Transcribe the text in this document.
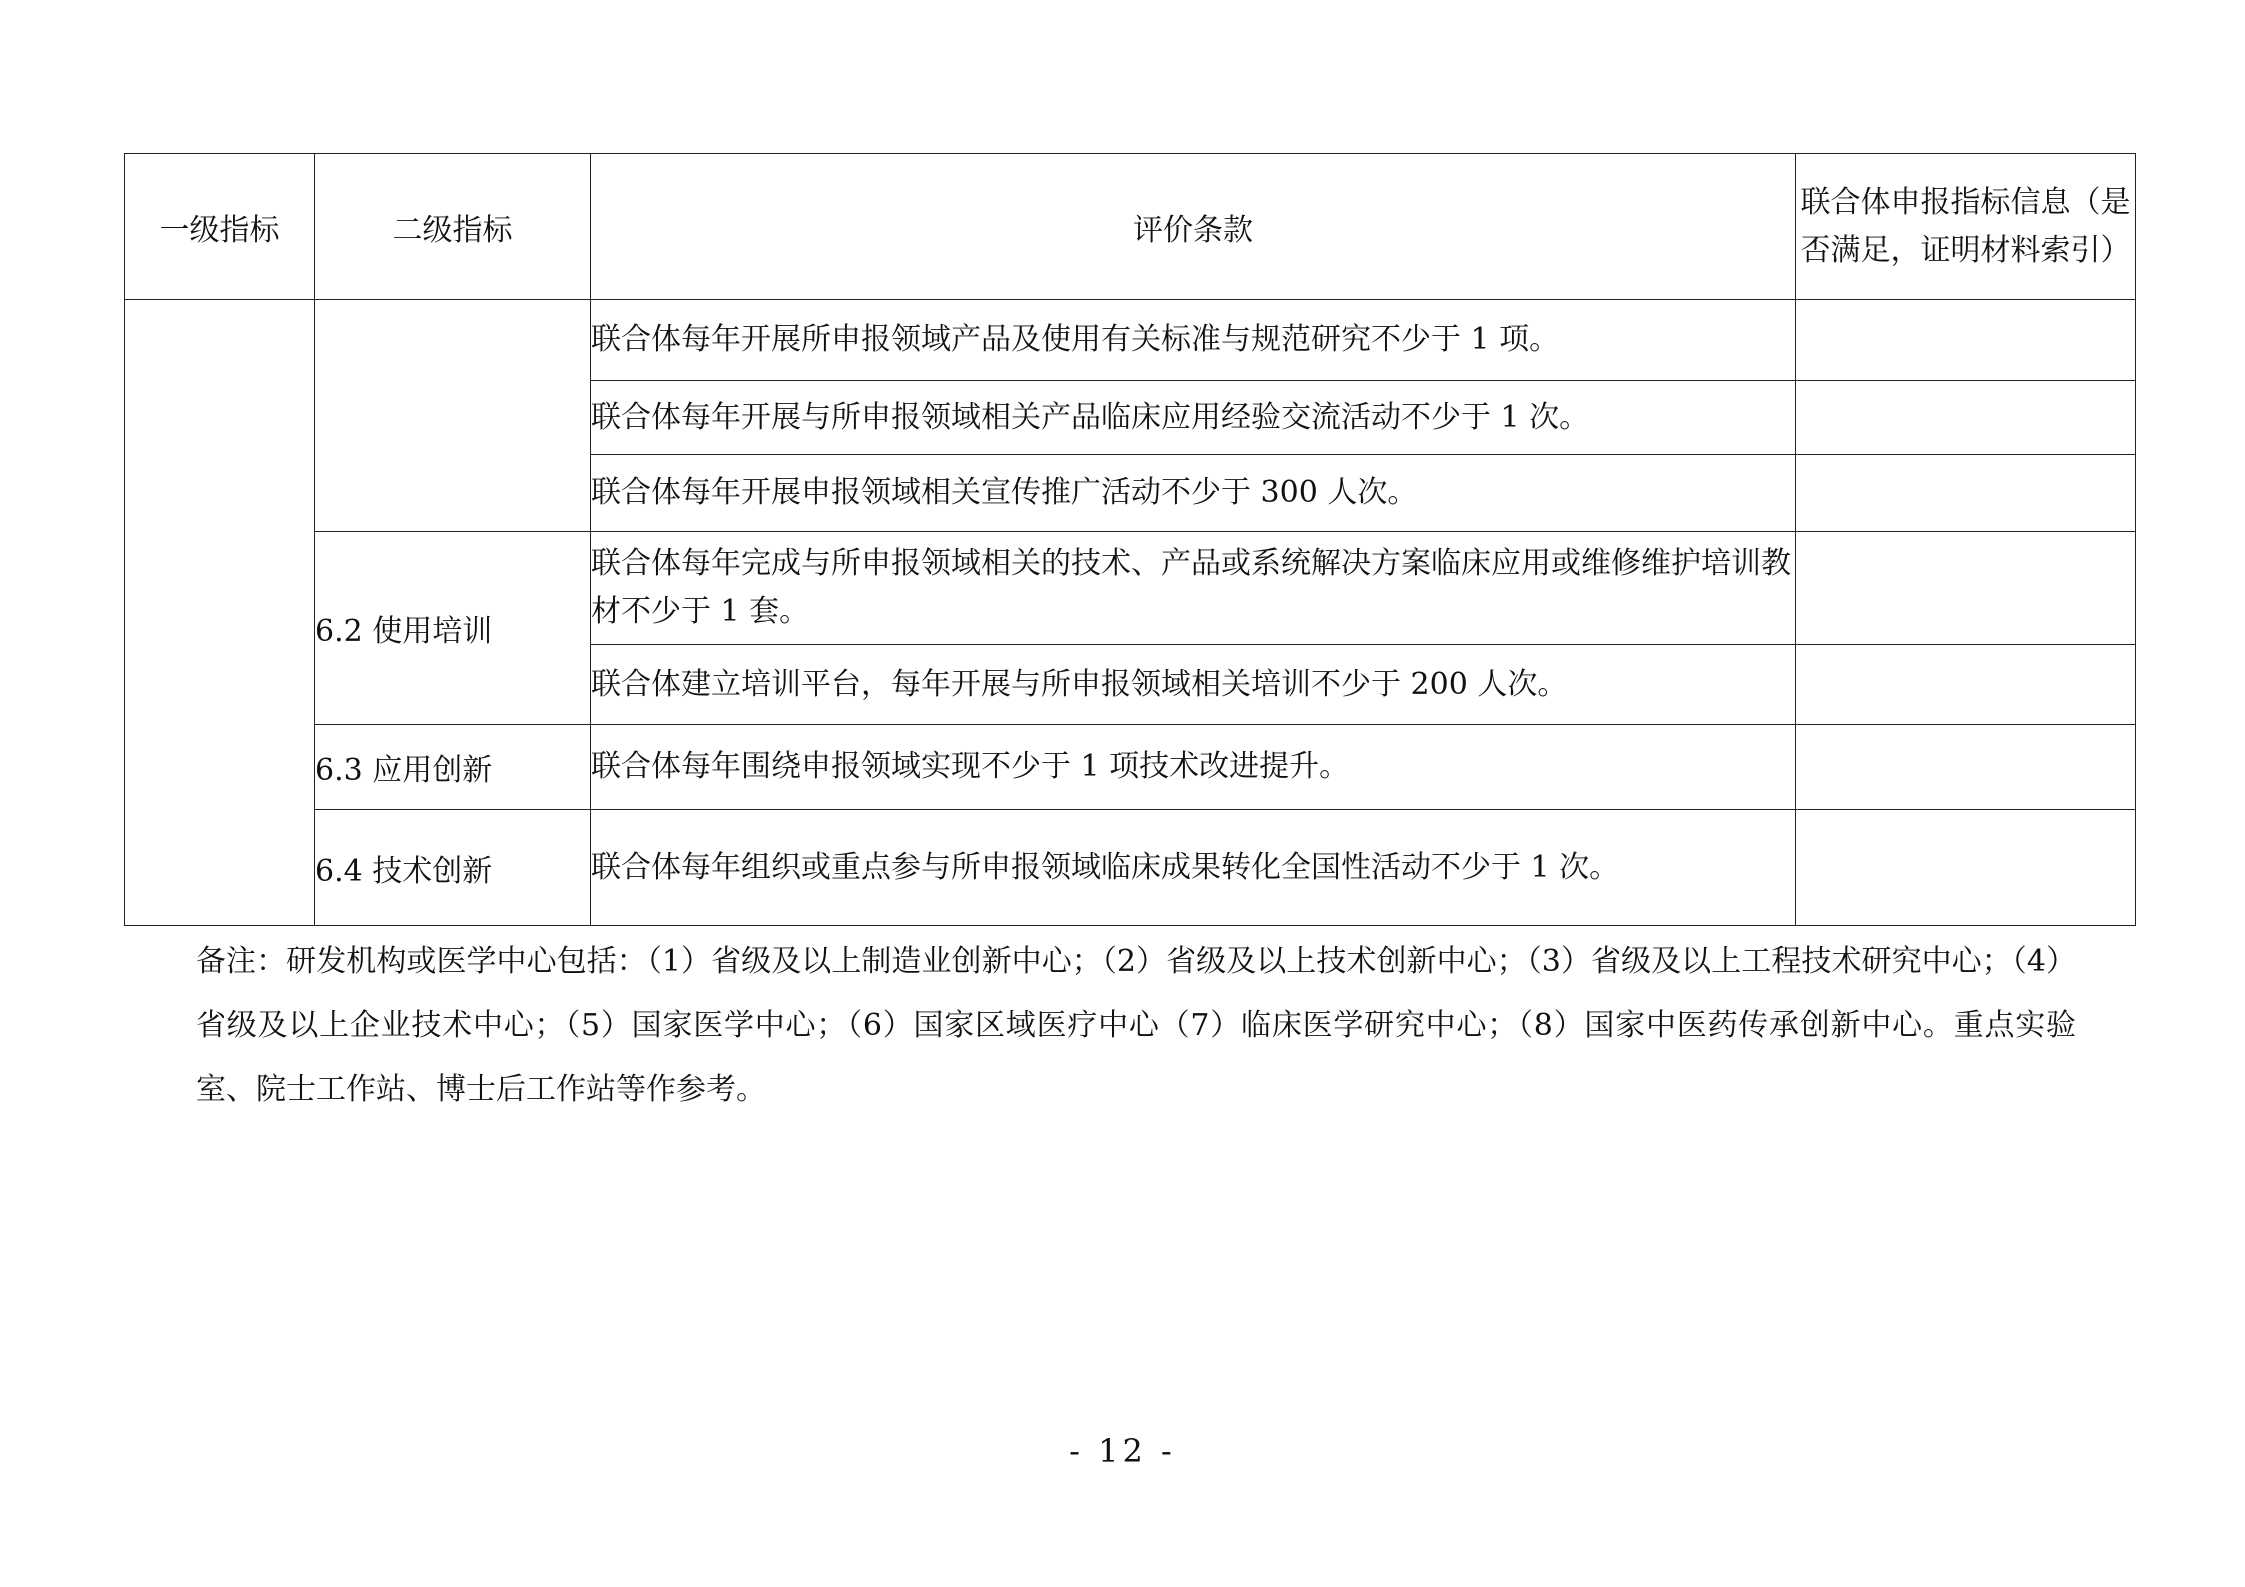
一级指标	二级指标	评价条款	联合体申报指标信息（是否满足，证明材料索引）
		联合体每年开展所申报领域产品及使用有关标准与规范研究不少于 1 项。	
		联合体每年开展与所申报领域相关产品临床应用经验交流活动不少于 1 次。	
		联合体每年开展申报领域相关宣传推广活动不少于 300 人次。	
	6.2 使用培训	联合体每年完成与所申报领域相关的技术、产品或系统解决方案临床应用或维修维护培训教材不少于 1 套。	
		联合体建立培训平台，每年开展与所申报领域相关培训不少于 200 人次。	
	6.3 应用创新	联合体每年围绕申报领域实现不少于 1 项技术改进提升。	
	6.4 技术创新	联合体每年组织或重点参与所申报领域临床成果转化全国性活动不少于 1 次。	
备注：研发机构或医学中心包括：（1）省级及以上制造业创新中心；（2）省级及以上技术创新中心；（3）省级及以上工程技术研究中心；（4）省级及以上企业技术中心；（5）国家医学中心；（6）国家区域医疗中心（7）临床医学研究中心；（8）国家中医药传承创新中心。重点实验室、院士工作站、博士后工作站等作参考。
- 12 -
